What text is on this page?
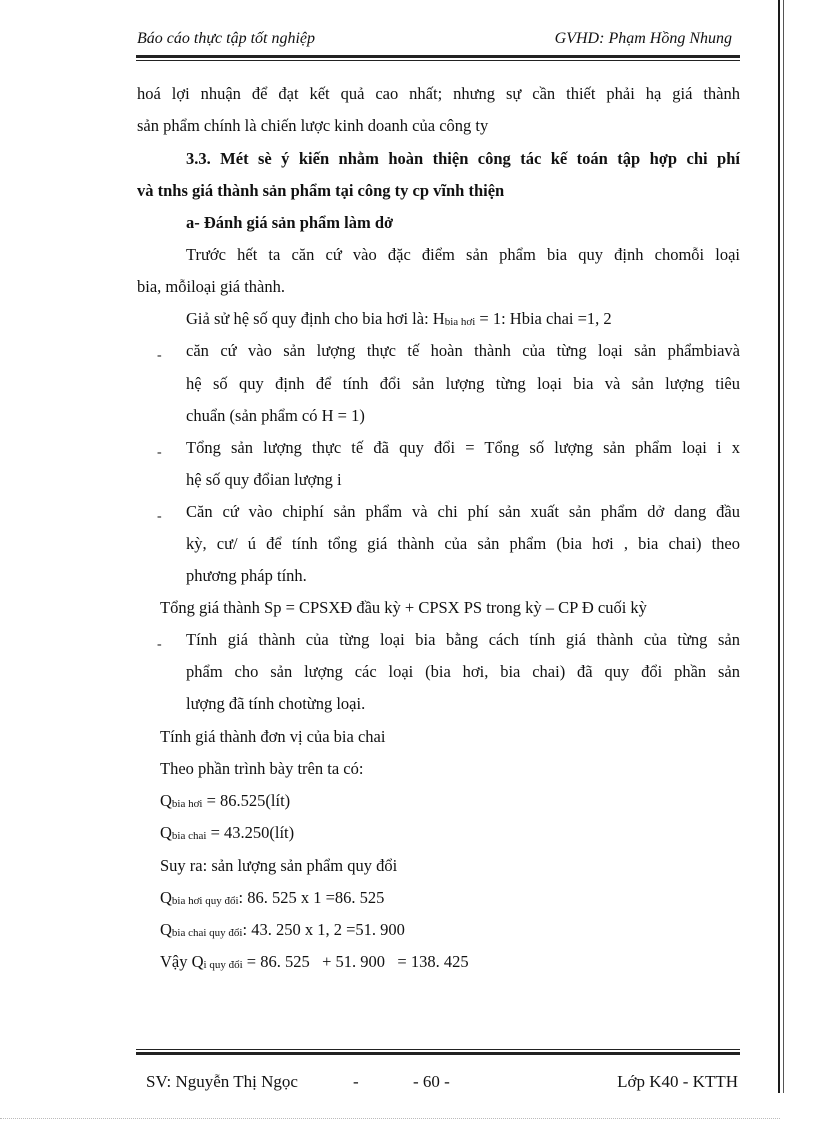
Báo cáo thực tập tốt nghiệp	GVHD: Phạm Hồng Nhung
hoá lợi nhuận để đạt kết quả cao nhất; nhưng sự cần thiết phải hạ giá thành
sản phẩm chính là chiến lược kinh doanh của công ty
3.3. Mét sè ý kiến nhằm hoàn thiện công tác kế toán tập hợp chi phí
và tnhs giá thành sản phẩm tại công ty cp vĩnh thiện
a- Đánh giá sản phẩm làm dở
Trước hết ta căn cứ vào đặc điểm sản phẩm bia quy định chomỗi loại
bia, mỗiloại giá thành.
Giả sử hệ số quy định cho bia hơi là: $H_{bia hơi} = 1$: Hbia chai =1, 2
- căn cứ vào sản lượng thực tế hoàn thành của từng loại sản phẩmbiavà
hệ số quy định để tính đổi sản lượng từng loại bia và sản lượng tiêu
chuẩn (sản phẩm có H = 1)
- Tổng sản lượng thực tế đã quy đổi = Tổng số lượng sản phẩm loại i x
hệ số quy đổian lượng i
- Căn cứ vào chiphí sản phẩm và chi phí sản xuất sản phẩm dở dang đầu
kỳ, cư/ ú để tính tổng giá thành của sản phẩm (bia hơi , bia chai) theo
phương pháp tính.
Tổng giá thành Sp = CPSXĐ đầu kỳ + CPSX PS trong kỳ – CP Đ cuối kỳ
- Tính giá thành của từng loại bia bằng cách tính giá thành của từng sản
phẩm cho sản lượng các loại (bia hơi, bia chai) đã quy đổi phần sản
lượng đã tính chotừng loại.
Tính giá thành đơn vị của bia chai
Theo phần trình bày trên ta có:
$Q_{bia hơi}$ = 86.525(lít)
$Q_{bia chai}$ = 43.250(lít)
Suy ra: sản lượng sản phẩm quy đổi
$Q_{bia hơi quy đổi}$: 86. 525 x 1 =86. 525
$Q_{bia chai quy đổi}$: 43. 250 x 1, 2 =51. 900
Vậy $Q_{i quy đổi} = 86$. 525   + 51. 900   = 138. 425
SV: Nguyễn Thị Ngọc	-	- 60 -	Lớp K40 - KTTH
